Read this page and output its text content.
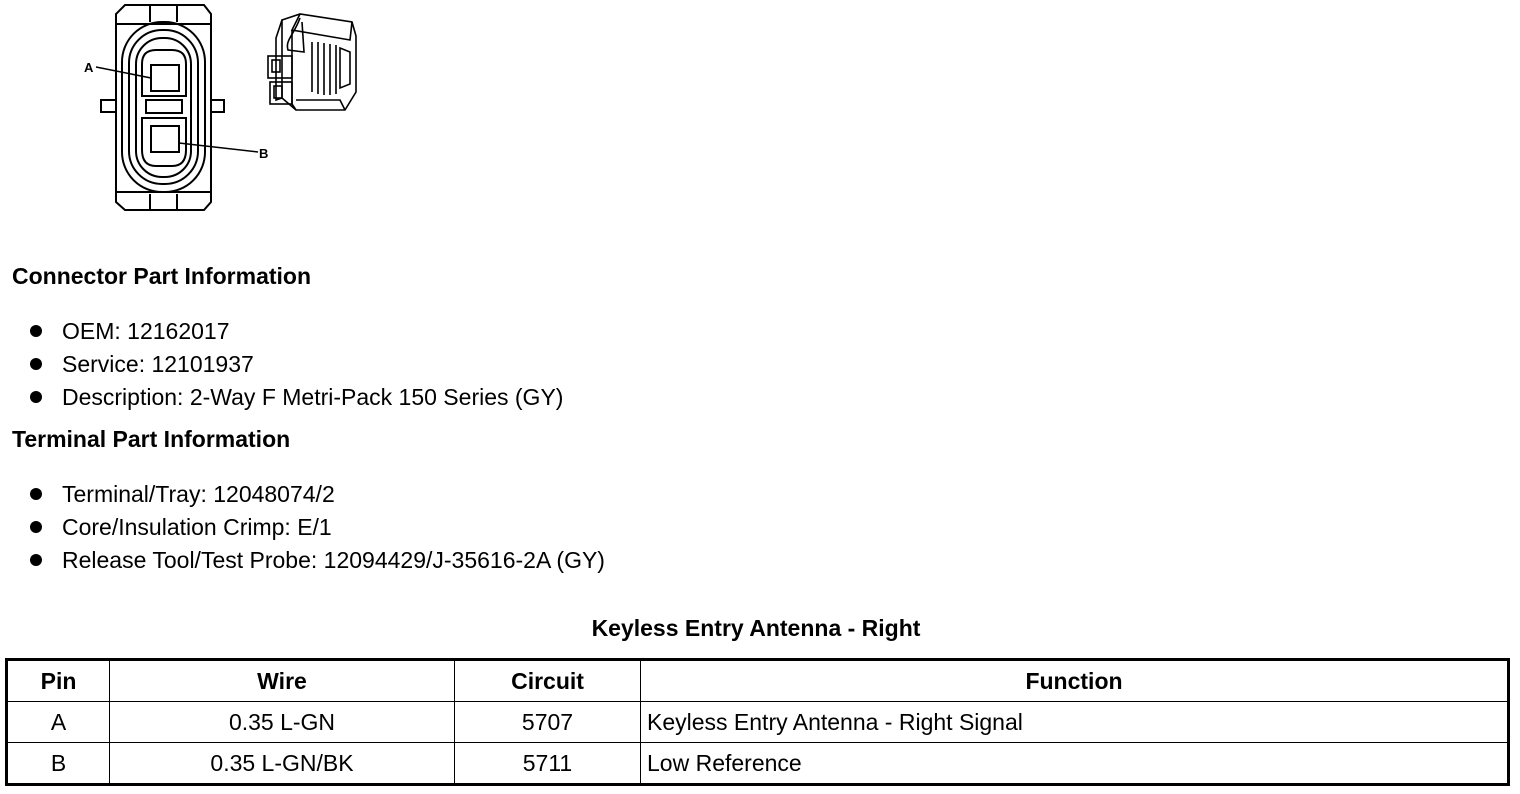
A
B
Connector Part Information
OEM: 12162017
Service: 12101937
Description: 2-Way F Metri-Pack 150 Series (GY)
Terminal Part Information
Terminal/Tray: 12048074/2
Core/Insulation Crimp: E/1
Release Tool/Test Probe: 12094429/J-35616-2A (GY)
Keyless Entry Antenna - Right
Pin	Wire	Circuit	Function
A	0.35 L-GN	5707	Keyless Entry Antenna - Right Signal
B	0.35 L-GN/BK	5711	Low Reference
